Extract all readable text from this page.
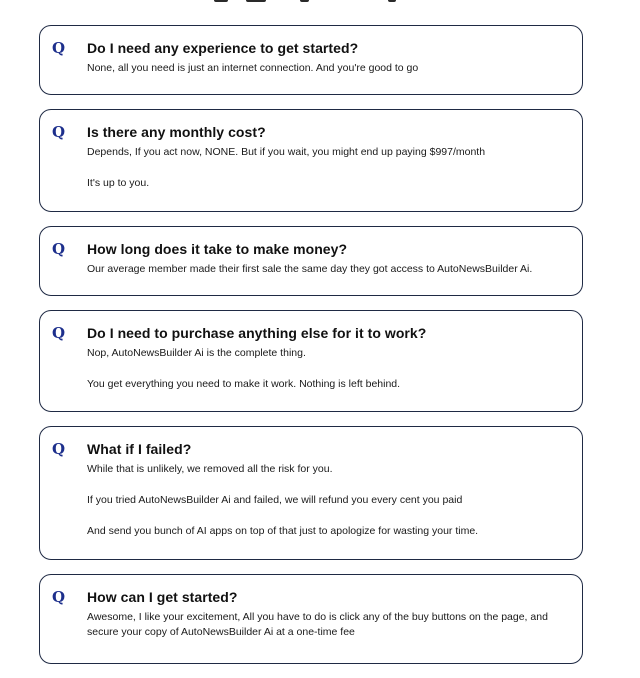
Q	Do I need any experience to get started?

None, all you need is just an internet connection. And you're good to go

Q	Is there any monthly cost?

Depends, If you act now, NONE. But if you wait, you might end up paying $997/month

It's up to you.

Q	How long does it take to make money?

Our average member made their first sale the same day they got access to AutoNewsBuilder Ai.

Q	Do I need to purchase anything else for it to work?

Nop, AutoNewsBuilder Ai is the complete thing.

You get everything you need to make it work. Nothing is left behind.

Q	What if I failed?

While that is unlikely, we removed all the risk for you.

If you tried AutoNewsBuilder Ai and failed, we will refund you every cent you paid

And send you bunch of AI apps on top of that just to apologize for wasting your time.

Q	How can I get started?

Awesome, I like your excitement, All you have to do is click any of the buy buttons on the page, and secure your copy of AutoNewsBuilder Ai at a one-time fee
